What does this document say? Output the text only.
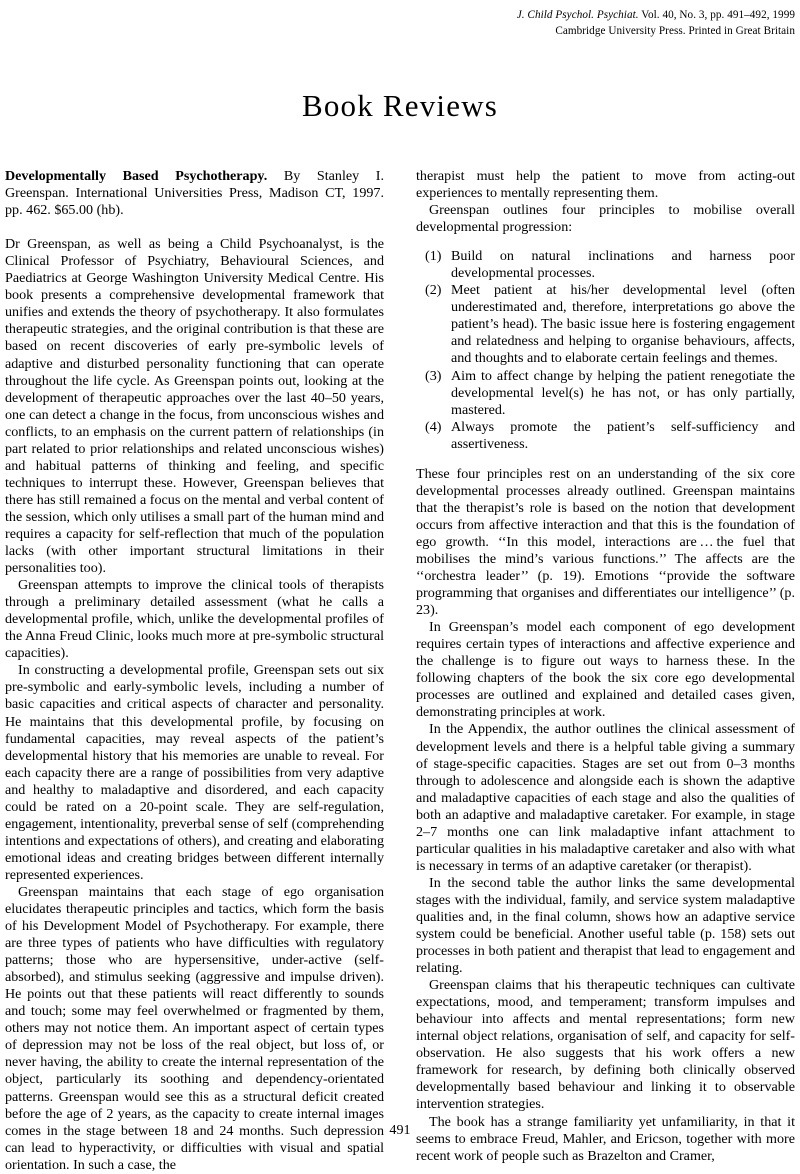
J. Child Psychol. Psychiat. Vol. 40, No. 3, pp. 491–492, 1999
Cambridge University Press. Printed in Great Britain
Book Reviews

Developmentally Based Psychotherapy. By Stanley I. Greenspan. International Universities Press, Madison CT, 1997. pp. 462. $65.00 (hb).

Dr Greenspan, as well as being a Child Psychoanalyst, is the Clinical Professor of Psychiatry, Behavioural Sciences, and Paediatrics at George Washington University Medical Centre. His book presents a comprehensive developmental framework that unifies and extends the theory of psychotherapy. It also formulates therapeutic strategies, and the original contribution is that these are based on recent discoveries of early pre-symbolic levels of adaptive and disturbed personality functioning that can operate throughout the life cycle. As Greenspan points out, looking at the development of therapeutic approaches over the last 40–50 years, one can detect a change in the focus, from unconscious wishes and conflicts, to an emphasis on the current pattern of relationships (in part related to prior relationships and related unconscious wishes) and habitual patterns of thinking and feeling, and specific techniques to interrupt these. However, Greenspan believes that there has still remained a focus on the mental and verbal content of the session, which only utilises a small part of the human mind and requires a capacity for self-reflection that much of the population lacks (with other important structural limitations in their personalities too).

Greenspan attempts to improve the clinical tools of therapists through a preliminary detailed assessment (what he calls a developmental profile, which, unlike the developmental profiles of the Anna Freud Clinic, looks much more at pre-symbolic structural capacities).

In constructing a developmental profile, Greenspan sets out six pre-symbolic and early-symbolic levels, including a number of basic capacities and critical aspects of character and personality. He maintains that this developmental profile, by focusing on fundamental capacities, may reveal aspects of the patient’s developmental history that his memories are unable to reveal. For each capacity there are a range of possibilities from very adaptive and healthy to maladaptive and disordered, and each capacity could be rated on a 20-point scale. They are self-regulation, engagement, intentionality, preverbal sense of self (comprehending intentions and expectations of others), and creating and elaborating emotional ideas and creating bridges between different internally represented experiences.

Greenspan maintains that each stage of ego organisation elucidates therapeutic principles and tactics, which form the basis of his Development Model of Psychotherapy. For example, there are three types of patients who have difficulties with regulatory patterns; those who are hypersensitive, under-active (self-absorbed), and stimulus seeking (aggressive and impulse driven). He points out that these patients will react differently to sounds and touch; some may feel overwhelmed or fragmented by them, others may not notice them. An important aspect of certain types of depression may not be loss of the real object, but loss of, or never having, the ability to create the internal representation of the object, particularly its soothing and dependency-orientated patterns. Greenspan would see this as a structural deficit created before the age of 2 years, as the capacity to create internal images comes in the stage between 18 and 24 months. Such depression can lead to hyperactivity, or difficulties with visual and spatial orientation. In such a case, the

therapist must help the patient to move from acting-out experiences to mentally representing them.

Greenspan outlines four principles to mobilise overall developmental progression:

(1) Build on natural inclinations and harness poor developmental processes.
(2) Meet patient at his/her developmental level (often underestimated and, therefore, interpretations go above the patient’s head). The basic issue here is fostering engagement and relatedness and helping to organise behaviours, affects, and thoughts and to elaborate certain feelings and themes.
(3) Aim to affect change by helping the patient renegotiate the developmental level(s) he has not, or has only partially, mastered.
(4) Always promote the patient’s self-sufficiency and assertiveness.

These four principles rest on an understanding of the six core developmental processes already outlined. Greenspan maintains that the therapist’s role is based on the notion that development occurs from affective interaction and that this is the foundation of ego growth. ‘‘In this model, interactions are … the fuel that mobilises the mind’s various functions.’’ The affects are the ‘‘orchestra leader’’ (p. 19). Emotions ‘‘provide the software programming that organises and differentiates our intelligence’’ (p. 23).

In Greenspan’s model each component of ego development requires certain types of interactions and affective experience and the challenge is to figure out ways to harness these. In the following chapters of the book the six core ego developmental processes are outlined and explained and detailed cases given, demonstrating principles at work.

In the Appendix, the author outlines the clinical assessment of development levels and there is a helpful table giving a summary of stage-specific capacities. Stages are set out from 0–3 months through to adolescence and alongside each is shown the adaptive and maladaptive capacities of each stage and also the qualities of both an adaptive and maladaptive caretaker. For example, in stage 2–7 months one can link maladaptive infant attachment to particular qualities in his maladaptive caretaker and also with what is necessary in terms of an adaptive caretaker (or therapist).

In the second table the author links the same developmental stages with the individual, family, and service system maladaptive qualities and, in the final column, shows how an adaptive service system could be beneficial. Another useful table (p. 158) sets out processes in both patient and therapist that lead to engagement and relating.

Greenspan claims that his therapeutic techniques can cultivate expectations, mood, and temperament; transform impulses and behaviour into affects and mental representations; form new internal object relations, organisation of self, and capacity for self-observation. He also suggests that his work offers a new framework for research, by defining both clinically observed developmentally based behaviour and linking it to observable intervention strategies.

The book has a strange familiarity yet unfamiliarity, in that it seems to embrace Freud, Mahler, and Ericson, together with more recent work of people such as Brazelton and Cramer,

491
